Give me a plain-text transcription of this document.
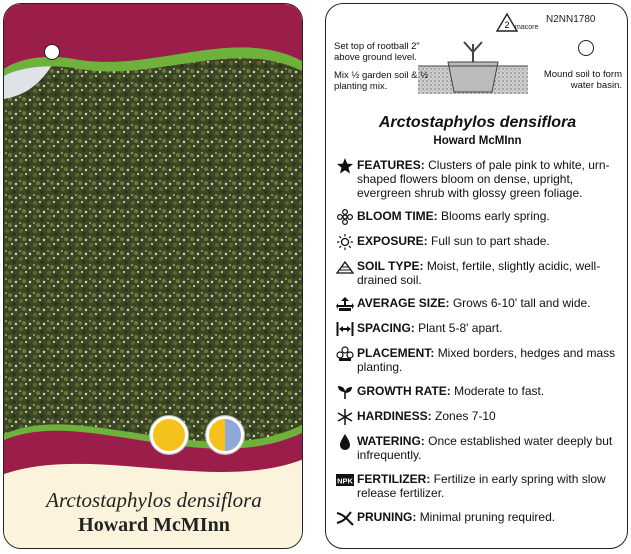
Arctostaphylos densiflora
Howard McMInn
2 macore
N2NN1780
Set top of rootball 2" above ground level.
Mix ½ garden soil & ½ planting mix.
Mound soil to form water basin.
Arctostaphylos densiflora
Howard McMInn
FEATURES: Clusters of pale pink to white, urn-shaped flowers bloom on dense, upright, evergreen shrub with glossy green foliage.
BLOOM TIME: Blooms early spring.
EXPOSURE: Full sun to part shade.
SOIL TYPE: Moist, fertile, slightly acidic, well-drained soil.
AVERAGE SIZE: Grows 6-10' tall and wide.
SPACING: Plant 5-8' apart.
PLACEMENT: Mixed borders, hedges and mass planting.
GROWTH RATE: Moderate to fast.
HARDINESS: Zones 7-10
WATERING: Once established water deeply but infrequently.
NPK FERTILIZER: Fertilize in early spring with slow release fertilizer.
PRUNING: Minimal pruning required.
